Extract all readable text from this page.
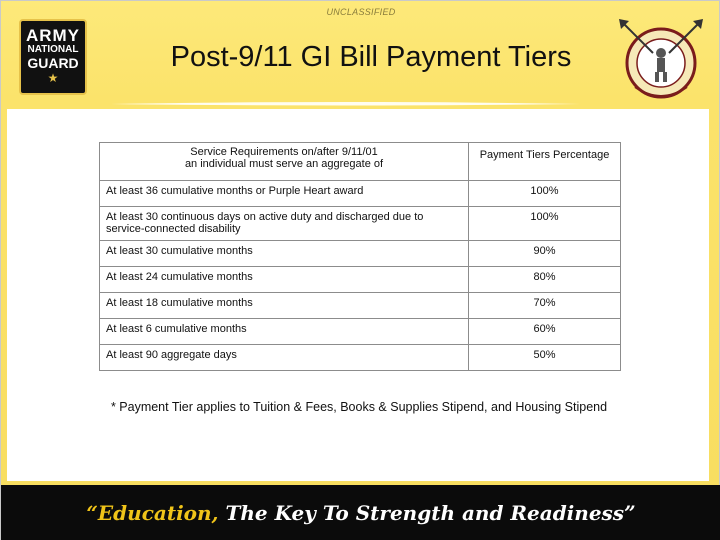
UNCLASSIFIED
ARMY
NATIONAL
GUARD
★
Post-9/11 GI Bill Payment Tiers
Service Requirements on/after 9/11/01
an individual must serve an aggregate of	Payment Tiers Percentage
At least 36 cumulative months or Purple Heart award	100%
At least 30 continuous days on active duty and discharged due to service-connected disability	100%
At least 30 cumulative months	90%
At least 24 cumulative months	80%
At least 18 cumulative months	70%
At least 6 cumulative months	60%
At least 90 aggregate days	50%
* Payment Tier applies to Tuition & Fees, Books & Supplies Stipend, and Housing Stipend
“Education, The Key To Strength and Readiness”
